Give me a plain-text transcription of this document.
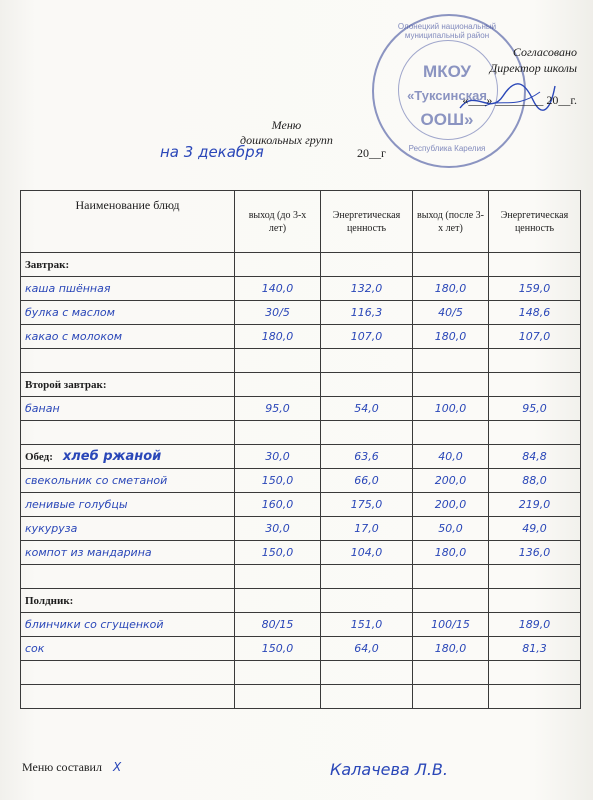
Олонецкий национальный муниципальный район
МКОУ
«Туксинская
ООШ»
Республика Карелия
Согласовано
Директор школы
«___» ________ 20__г.
Меню
дошкольных групп
на 3 декабря	20__г
Наименование блюд	выход (до 3-х лет)	Энергетическая ценность	выход (после 3-х лет)	Энергетическая ценность
Завтрак:				
каша пшённая	140,0	132,0	180,0	159,0
булка с маслом	30/5	116,3	40/5	148,6
какао с молоком	180,0	107,0	180,0	107,0

Второй завтрак:				
банан	95,0	54,0	100,0	95,0

Обед: хлеб ржаной	30,0	63,6	40,0	84,8
свекольник со сметаной	150,0	66,0	200,0	88,0
ленивые голубцы	160,0	175,0	200,0	219,0
кукуруза	30,0	17,0	50,0	49,0
компот из мандарина	150,0	104,0	180,0	136,0

Полдник:				
блинчики со сгущенкой	80/15	151,0	100/15	189,0
сок	150,0	64,0	180,0	81,3

Меню составил Х	Калачева Л.В.
